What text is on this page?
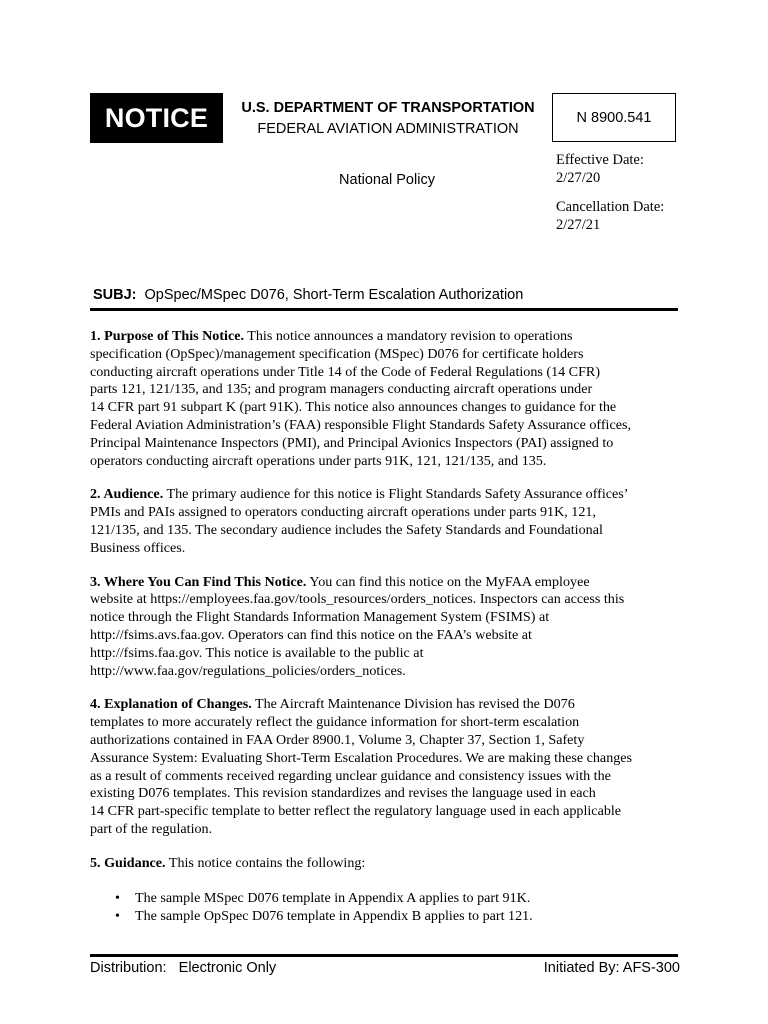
NOTICE	U.S. DEPARTMENT OF TRANSPORTATION
FEDERAL AVIATION ADMINISTRATION
N 8900.541
National Policy
Effective Date:
2/27/20
Cancellation Date:
2/27/21
SUBJ: OpSpec/MSpec D076, Short-Term Escalation Authorization
1. Purpose of This Notice. This notice announces a mandatory revision to operations
specification (OpSpec)/management specification (MSpec) D076 for certificate holders
conducting aircraft operations under Title 14 of the Code of Federal Regulations (14 CFR)
parts 121, 121/135, and 135; and program managers conducting aircraft operations under
14 CFR part 91 subpart K (part 91K). This notice also announces changes to guidance for the
Federal Aviation Administration’s (FAA) responsible Flight Standards Safety Assurance offices,
Principal Maintenance Inspectors (PMI), and Principal Avionics Inspectors (PAI) assigned to
operators conducting aircraft operations under parts 91K, 121, 121/135, and 135.
2. Audience. The primary audience for this notice is Flight Standards Safety Assurance offices’
PMIs and PAIs assigned to operators conducting aircraft operations under parts 91K, 121,
121/135, and 135. The secondary audience includes the Safety Standards and Foundational
Business offices.
3. Where You Can Find This Notice. You can find this notice on the MyFAA employee
website at https://employees.faa.gov/tools_resources/orders_notices. Inspectors can access this
notice through the Flight Standards Information Management System (FSIMS) at
http://fsims.avs.faa.gov. Operators can find this notice on the FAA’s website at
http://fsims.faa.gov. This notice is available to the public at
http://www.faa.gov/regulations_policies/orders_notices.
4. Explanation of Changes. The Aircraft Maintenance Division has revised the D076
templates to more accurately reflect the guidance information for short-term escalation
authorizations contained in FAA Order 8900.1, Volume 3, Chapter 37, Section 1, Safety
Assurance System: Evaluating Short-Term Escalation Procedures. We are making these changes
as a result of comments received regarding unclear guidance and consistency issues with the
existing D076 templates. This revision standardizes and revises the language used in each
14 CFR part-specific template to better reflect the regulatory language used in each applicable
part of the regulation.
5. Guidance. This notice contains the following:
• The sample MSpec D076 template in Appendix A applies to part 91K.
• The sample OpSpec D076 template in Appendix B applies to part 121.
Distribution: Electronic Only	Initiated By: AFS-300
